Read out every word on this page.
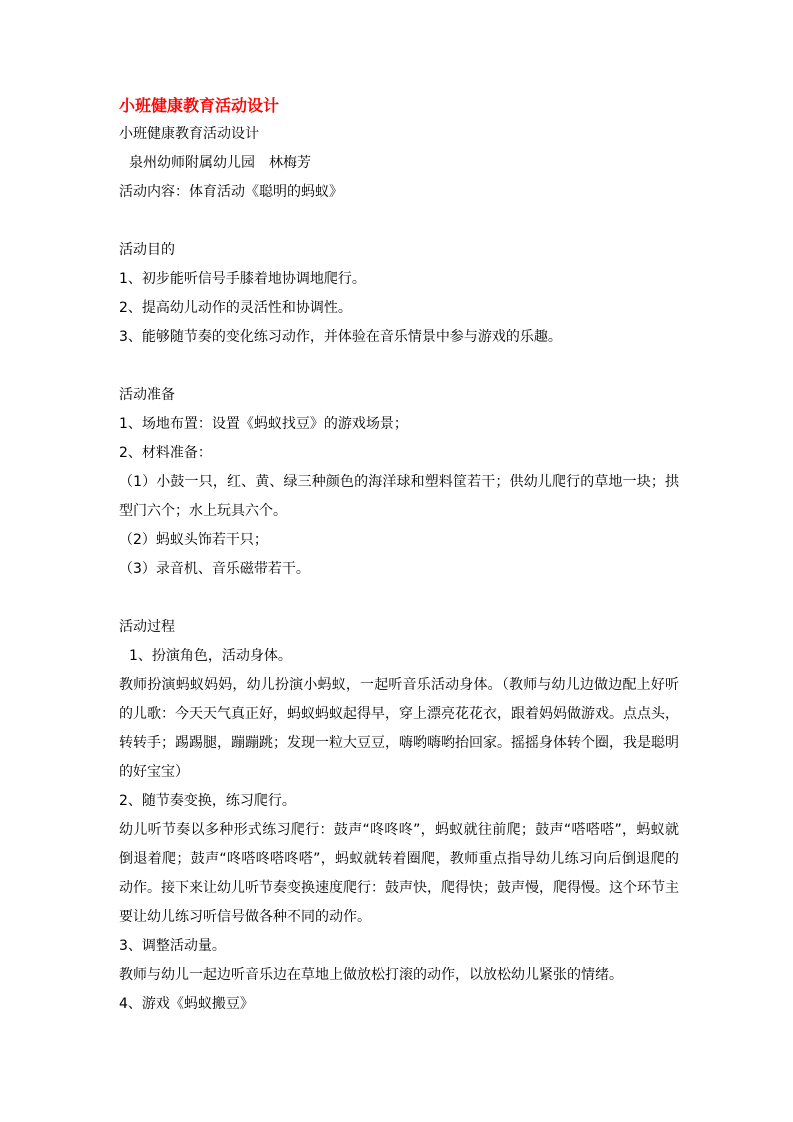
小班健康教育活动设计
小班健康教育活动设计
泉州幼师附属幼儿园　林梅芳
活动内容：体育活动《聪明的蚂蚁》
活动目的
1、初步能听信号手膝着地协调地爬行。
2、提高幼儿动作的灵活性和协调性。
3、能够随节奏的变化练习动作，并体验在音乐情景中参与游戏的乐趣。
活动准备
1、场地布置：设置《蚂蚁找豆》的游戏场景；
2、材料准备：
（1）小鼓一只，红、黄、绿三种颜色的海洋球和塑料筐若干；供幼儿爬行的草地一块；拱型门六个；水上玩具六个。
（2）蚂蚁头饰若干只；
（3）录音机、音乐磁带若干。
活动过程
1、扮演角色，活动身体。
教师扮演蚂蚁妈妈，幼儿扮演小蚂蚁，一起听音乐活动身体。（教师与幼儿边做边配上好听的儿歌：今天天气真正好，蚂蚁蚂蚁起得早，穿上漂亮花花衣，跟着妈妈做游戏。点点头，转转手；踢踢腿，蹦蹦跳；发现一粒大豆豆，嗨哟嗨哟抬回家。摇摇身体转个圈，我是聪明的好宝宝）
2、随节奏变换，练习爬行。
幼儿听节奏以多种形式练习爬行：鼓声“咚咚咚”，蚂蚁就往前爬；鼓声“嗒嗒嗒”，蚂蚁就倒退着爬；鼓声“咚嗒咚嗒咚嗒”，蚂蚁就转着圈爬，教师重点指导幼儿练习向后倒退爬的动作。接下来让幼儿听节奏变换速度爬行：鼓声快，爬得快；鼓声慢，爬得慢。这个环节主要让幼儿练习听信号做各种不同的动作。
3、调整活动量。
教师与幼儿一起边听音乐边在草地上做放松打滚的动作，以放松幼儿紧张的情绪。
4、游戏《蚂蚁搬豆》
